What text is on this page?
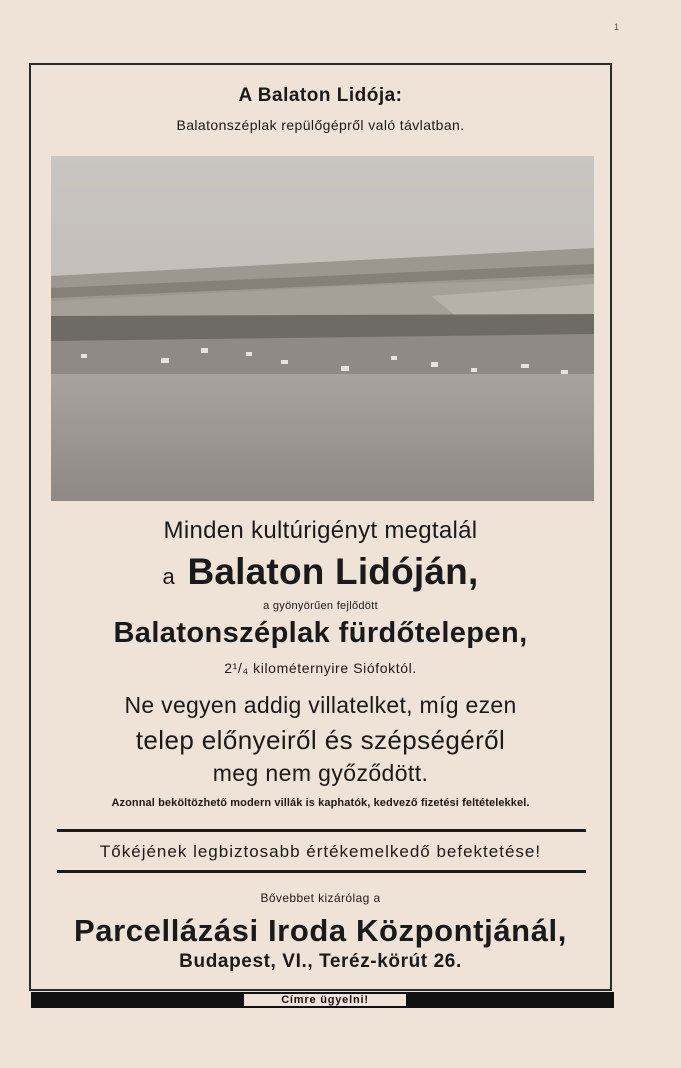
1
A Balaton Lidója:
Balatonszéplak repülőgépről való távlatban.
Minden kultúrigényt megtalál
a Balaton Lidóján,
a gyönyörűen fejlődött
Balatonszéplak fürdőtelepen,
2¹/₄ kilométernyire Siófoktól.
Ne vegyen addig villatelket, míg ezen
telep előnyeiről és szépségéről
meg nem győződött.
Azonnal beköltözhető modern villák is kaphatók, kedvező fizetési feltételekkel.
Tőkéjének legbiztosabb értékemelkedő befektetése!
Bővebbet kizárólag a
Parcellázási Iroda Központjánál,
Budapest, VI., Teréz-körút 26.
Címre ügyelni!
